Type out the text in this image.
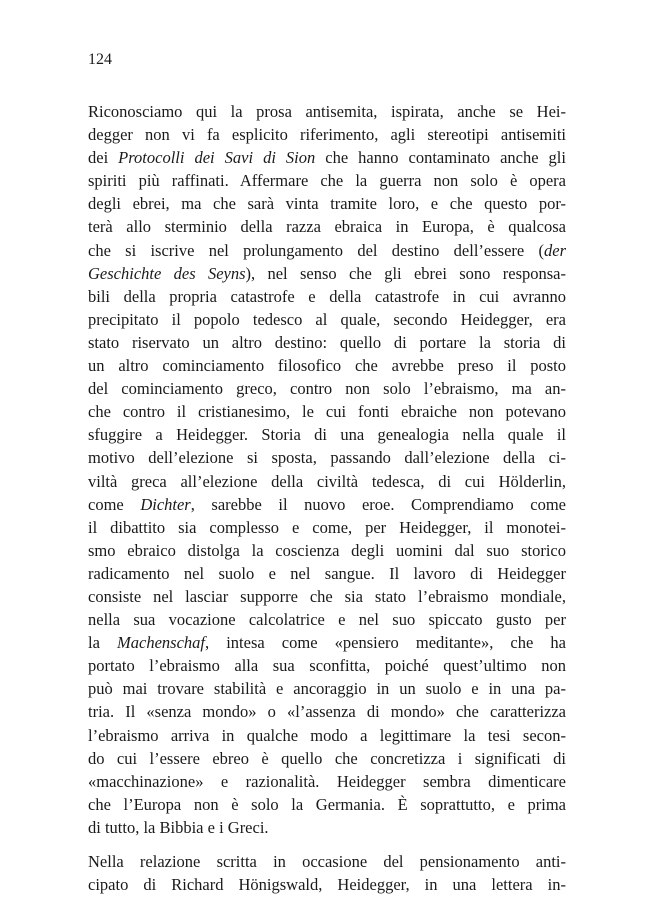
124
Riconosciamo qui la prosa antisemita, ispirata, anche se Hei-
degger non vi fa esplicito riferimento, agli stereotipi antisemiti
dei Protocolli dei Savi di Sion che hanno contaminato anche gli
spiriti più raffinati. Affermare che la guerra non solo è opera
degli ebrei, ma che sarà vinta tramite loro, e che questo por-
terà allo sterminio della razza ebraica in Europa, è qualcosa
che si iscrive nel prolungamento del destino dell’essere (der
Geschichte des Seyns), nel senso che gli ebrei sono responsa-
bili della propria catastrofe e della catastrofe in cui avranno
precipitato il popolo tedesco al quale, secondo Heidegger, era
stato riservato un altro destino: quello di portare la storia di
un altro cominciamento filosofico che avrebbe preso il posto
del cominciamento greco, contro non solo l’ebraismo, ma an-
che contro il cristianesimo, le cui fonti ebraiche non potevano
sfuggire a Heidegger. Storia di una genealogia nella quale il
motivo dell’elezione si sposta, passando dall’elezione della ci-
viltà greca all’elezione della civiltà tedesca, di cui Hölderlin,
come Dichter, sarebbe il nuovo eroe. Comprendiamo come
il dibattito sia complesso e come, per Heidegger, il monotei-
smo ebraico distolga la coscienza degli uomini dal suo storico
radicamento nel suolo e nel sangue. Il lavoro di Heidegger
consiste nel lasciar supporre che sia stato l’ebraismo mondiale,
nella sua vocazione calcolatrice e nel suo spiccato gusto per
la Machenschaf, intesa come «pensiero meditante», che ha
portato l’ebraismo alla sua sconfitta, poiché quest’ultimo non
può mai trovare stabilità e ancoraggio in un suolo e in una pa-
tria. Il «senza mondo» o «l’assenza di mondo» che caratterizza
l’ebraismo arriva in qualche modo a legittimare la tesi secon-
do cui l’essere ebreo è quello che concretizza i significati di
«macchinazione» e razionalità. Heidegger sembra dimenticare
che l’Europa non è solo la Germania. È soprattutto, e prima
di tutto, la Bibbia e i Greci.
Nella relazione scritta in occasione del pensionamento anti-
cipato di Richard Hönigswald, Heidegger, in una lettera in-
